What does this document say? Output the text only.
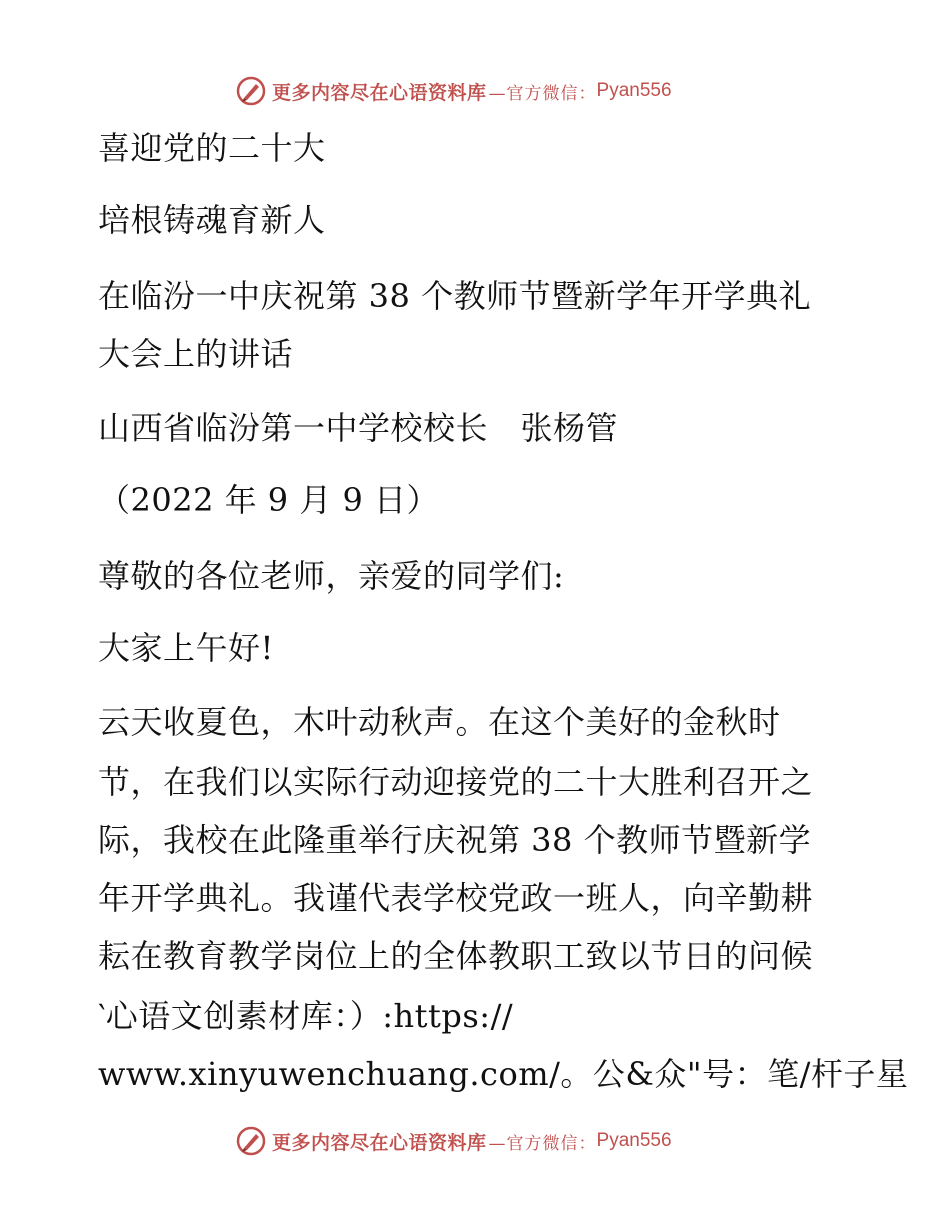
更多内容尽在心语资料库 —官方微信： Pyan556
喜迎党的二十大
培根铸魂育新人
在临汾一中庆祝第 38 个教师节暨新学年开学典礼
大会上的讲话
山西省临汾第一中学校校长　张杨管
（2022 年 9 月 9 日）
尊敬的各位老师，亲爱的同学们:
大家上午好!
云天收夏色，木叶动秋声。在这个美好的金秋时
节，在我们以实际行动迎接党的二十大胜利召开之
际，我校在此隆重举行庆祝第 38 个教师节暨新学
年开学典礼。我谨代表学校党政一班人，向辛勤耕
耘在教育教学岗位上的全体教职工致以节日的问候
‵心语文创素材库：）:https://
www.xinyuwenchuang.com/。公&众"号：笔/杆子星
更多内容尽在心语资料库 —官方微信： Pyan556
